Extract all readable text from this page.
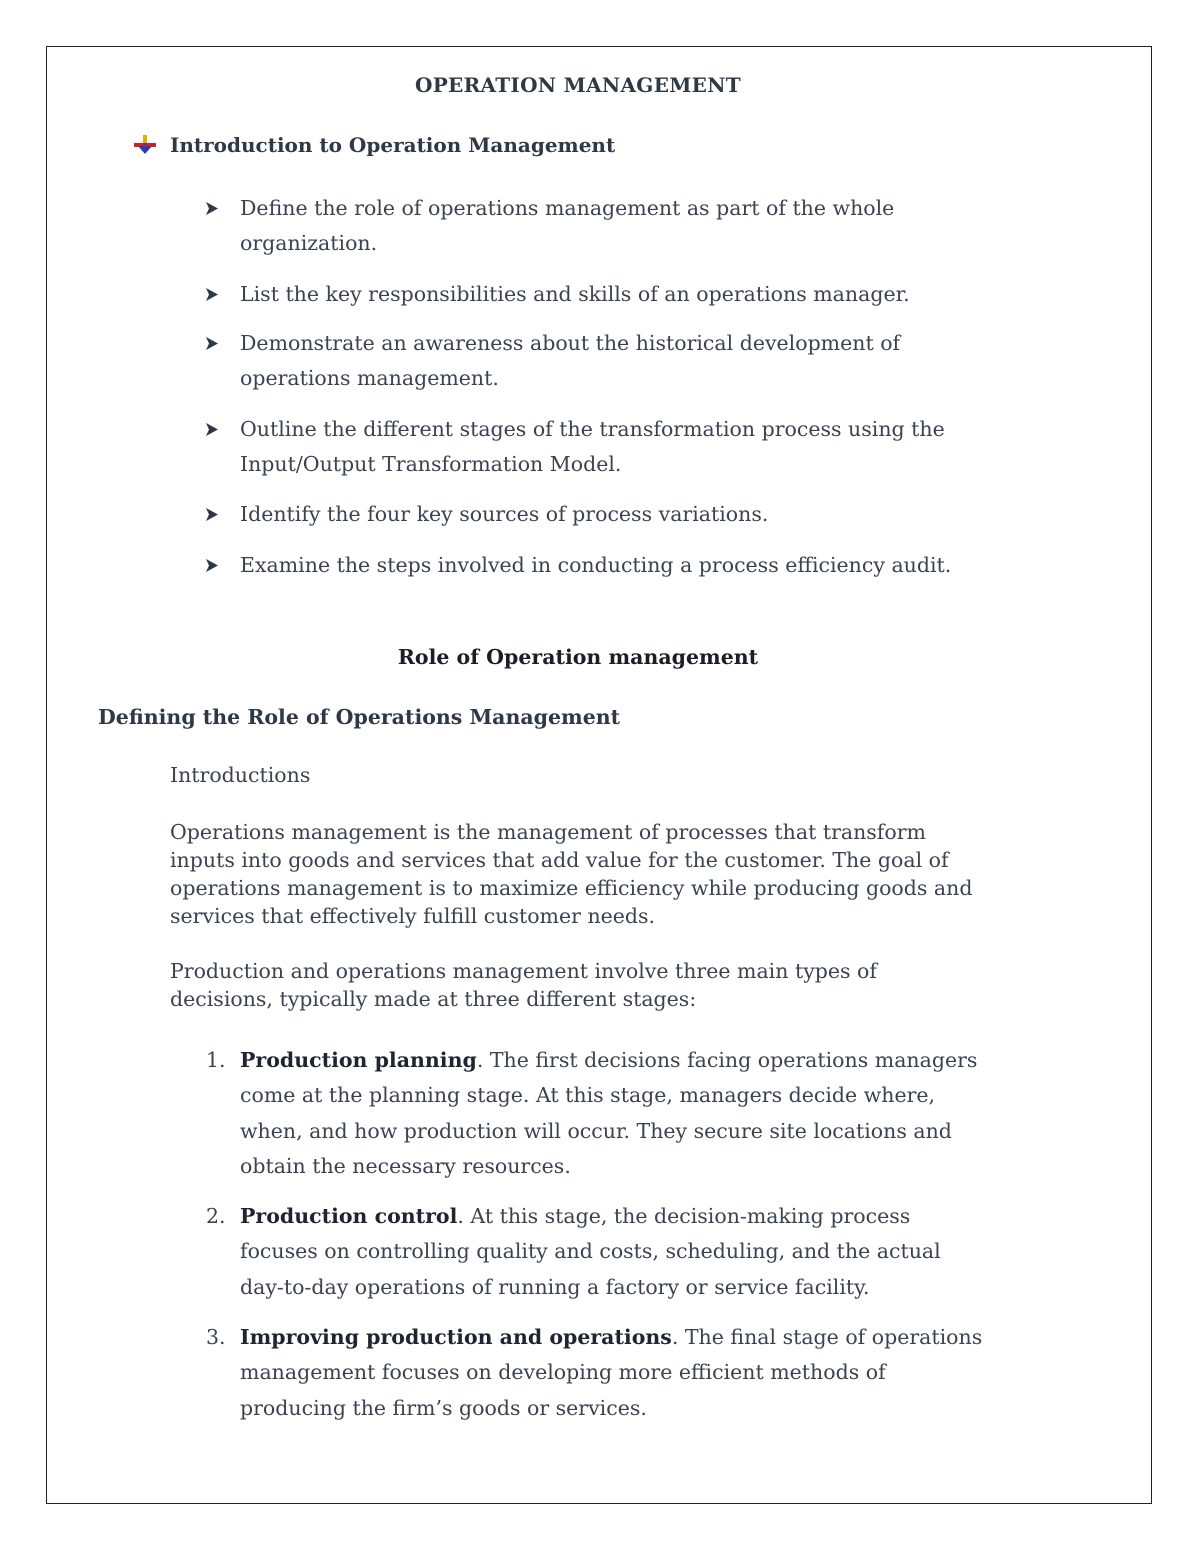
OPERATION MANAGEMENT
Introduction to Operation Management
Define the role of operations management as part of the whole
organization.
List the key responsibilities and skills of an operations manager.
Demonstrate an awareness about the historical development of
operations management.
Outline the different stages of the transformation process using the
Input/Output Transformation Model.
Identify the four key sources of process variations.
Examine the steps involved in conducting a process efficiency audit.
Role of Operation management
Defining the Role of Operations Management
Introductions
Operations management is the management of processes that transform
inputs into goods and services that add value for the customer. The goal of
operations management is to maximize efficiency while producing goods and
services that effectively fulfill customer needs.
Production and operations management involve three main types of
decisions, typically made at three different stages:
1. Production planning. The first decisions facing operations managers
come at the planning stage. At this stage, managers decide where,
when, and how production will occur. They secure site locations and
obtain the necessary resources.
2. Production control. At this stage, the decision-making process
focuses on controlling quality and costs, scheduling, and the actual
day-to-day operations of running a factory or service facility.
3. Improving production and operations. The final stage of operations
management focuses on developing more efficient methods of
producing the firm’s goods or services.
